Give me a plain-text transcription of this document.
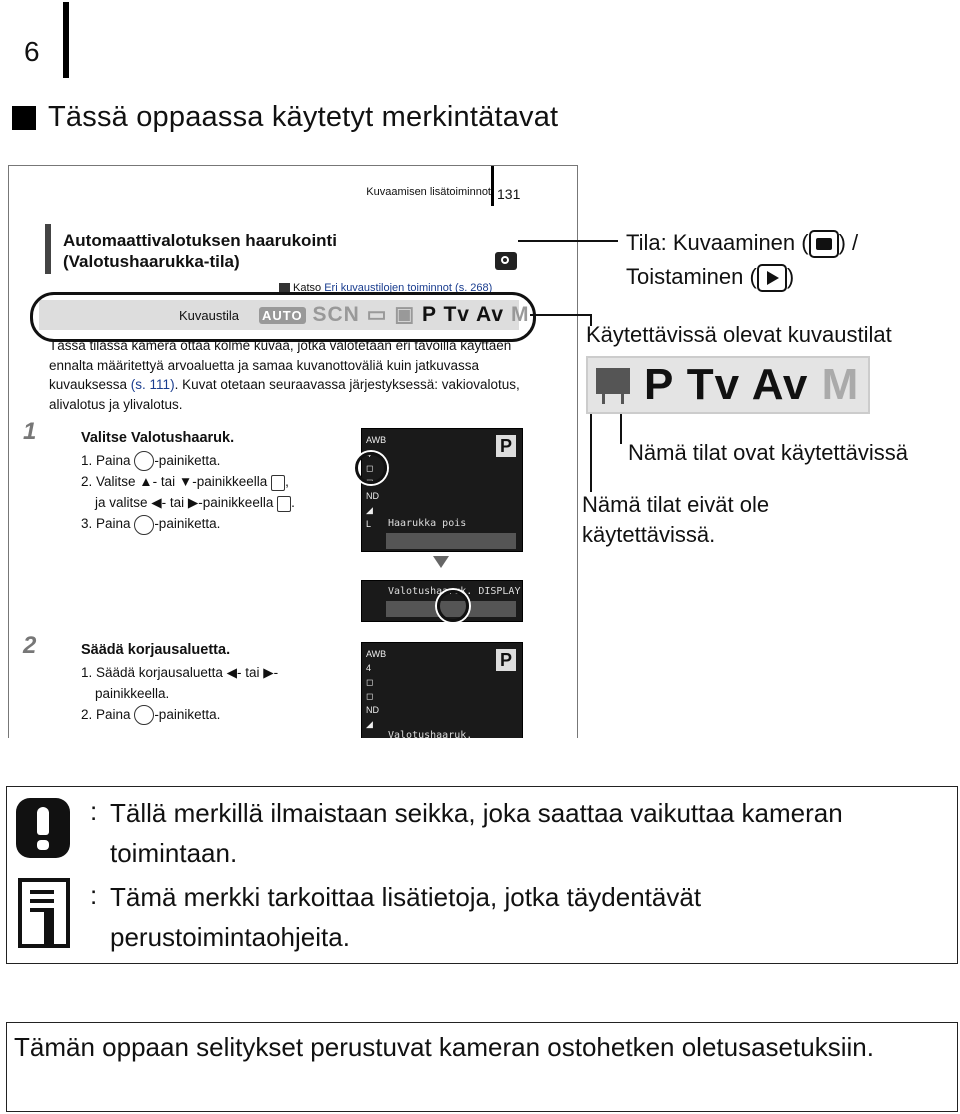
6
Tässä oppaassa käytetyt merkintätavat
Kuvaamisen lisätoiminnot 131
Automaattivalotuksen haarukointi
(Valotushaarukka-tila)
Katso Eri kuvaustilojen toiminnot (s. 268)
Kuvaustila AUTO SCN ▭ ▣ P Tv Av M
Tässä tilassa kamera ottaa kolme kuvaa, jotka valotetaan eri tavoilla käyttäen ennalta määritettyä arvoaluetta ja samaa kuvanottoväliä kuin jatkuvassa kuvauksessa (s. 111). Kuvat otetaan seuraavassa järjestyksessä: vakiovalotus, alivalotus ja ylivalotus.
1	Valitse Valotushaaruk.
1. Paina -painiketta.
2. Valitse ▲- tai ▼-painikkeella ,
ja valitse ◀- tai ▶-painikkeella .
3. Paina -painiketta.
P
AWB
4
◻
◻
ND
◢
L	Haarukka pois
Valotushaaruk. DISPLAY
2	Säädä korjausaluetta.
1. Säädä korjausaluetta ◀- tai ▶-
painikkeella.
2. Paina -painiketta.
P
AWB
4
◻
◻
ND
◢
Valotushaaruk.
Tila: Kuvaaminen ( ) /
Toistaminen ( )
Käytettävissä olevat kuvaustilat
P Tv Av M
Nämä tilat ovat käytettävissä
Nämä tilat eivät ole
käytettävissä.
: Tällä merkillä ilmaistaan seikka, joka saattaa vaikuttaa kameran toimintaan.
: Tämä merkki tarkoittaa lisätietoja, jotka täydentävät perustoimintaohjeita.
Tämän oppaan selitykset perustuvat kameran ostohetken oletusasetuksiin.
